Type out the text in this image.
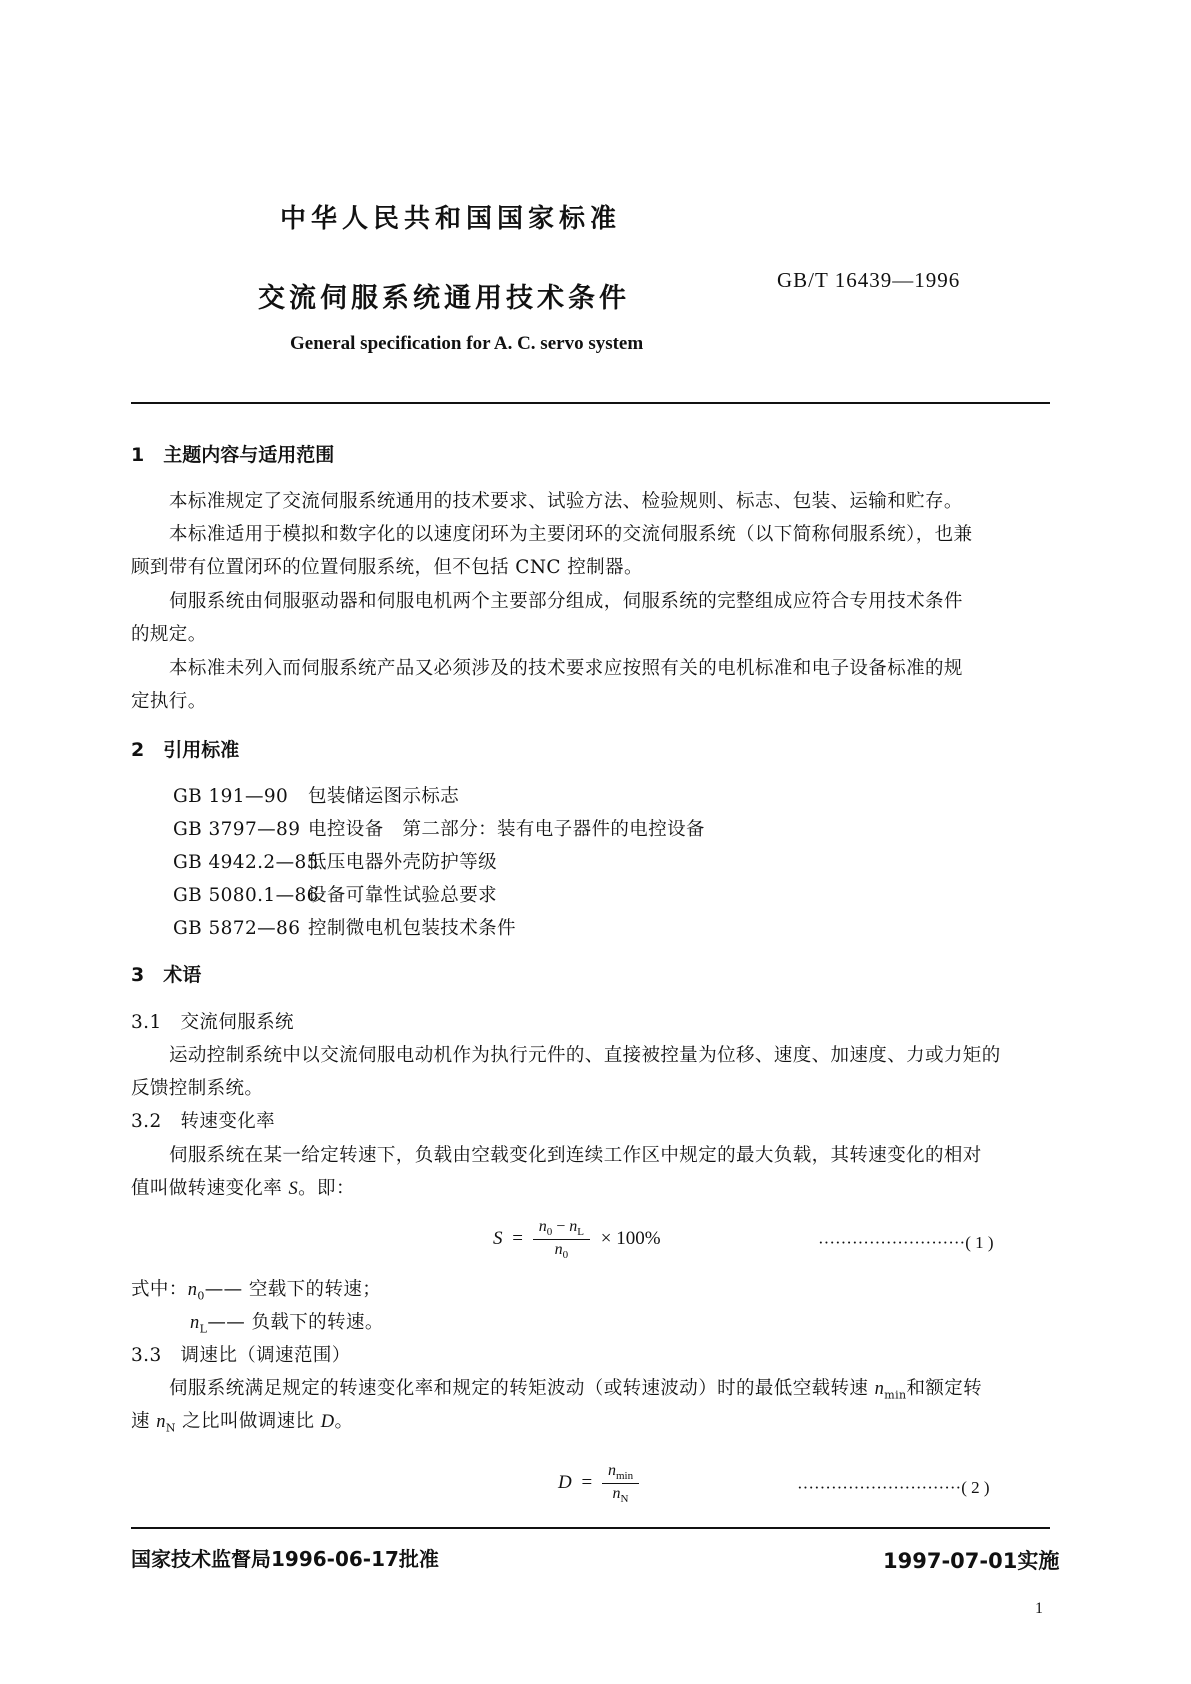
中华人民共和国国家标准
交流伺服系统通用技术条件
GB/T 16439—1996
General specification for A. C. servo system
1　主题内容与适用范围
本标准规定了交流伺服系统通用的技术要求、试验方法、检验规则、标志、包装、运输和贮存。
本标准适用于模拟和数字化的以速度闭环为主要闭环的交流伺服系统（以下简称伺服系统），也兼
顾到带有位置闭环的位置伺服系统，但不包括 CNC 控制器。
伺服系统由伺服驱动器和伺服电机两个主要部分组成，伺服系统的完整组成应符合专用技术条件
的规定。
本标准未列入而伺服系统产品又必须涉及的技术要求应按照有关的电机标准和电子设备标准的规
定执行。
2　引用标准
GB 191—90 包装储运图示标志
GB 3797—89 电控设备　第二部分：装有电子器件的电控设备
GB 4942.2—85低压电器外壳防护等级
GB 5080.1—86设备可靠性试验总要求
GB 5872—86 控制微电机包装技术条件
3　术语
3.1　交流伺服系统
运动控制系统中以交流伺服电动机作为执行元件的、直接被控量为位移、速度、加速度、力或力矩的
反馈控制系统。
3.2　转速变化率
伺服系统在某一给定转速下，负载由空载变化到连续工作区中规定的最大负载，其转速变化的相对
值叫做转速变化率 S。即：
$S = \frac{n_0 - n_L}{n_0} \times 100\%$	··························( 1 )
式中：$n_0——$ 空载下的转速；
$n_L——$ 负载下的转速。
3.3　调速比（调速范围）
伺服系统满足规定的转速变化率和规定的转矩波动（或转速波动）时的最低空载转速 $n_{min}$和额定转
速 $n_N$ 之比叫做调速比 D。
$D = \frac{n_{min}}{n_N}$	·····························( 2 )
国家技术监督局1996-06-17批准	1997-07-01实施
1
